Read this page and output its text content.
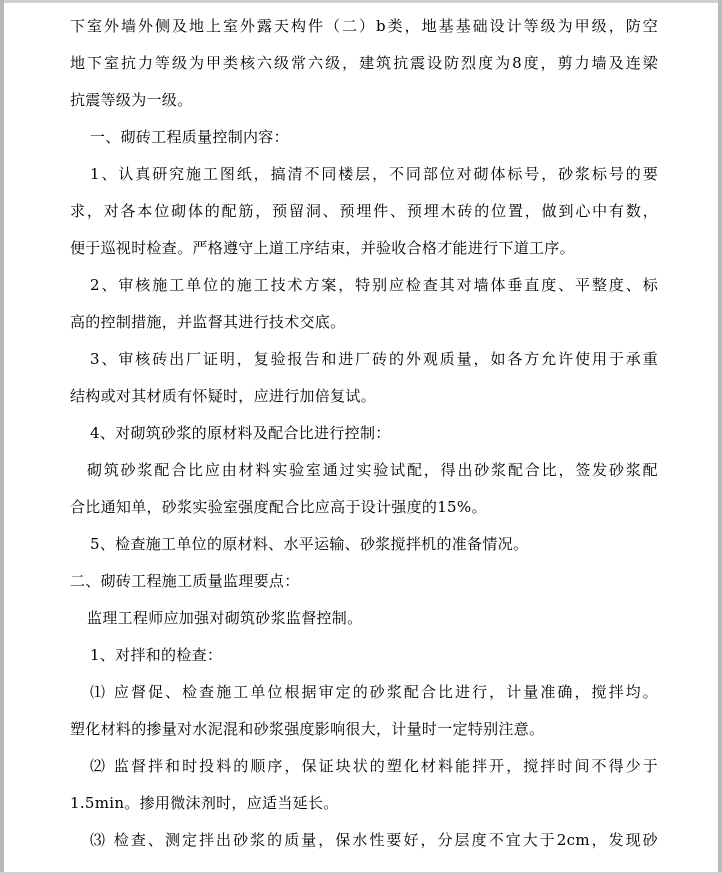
下室外墙外侧及地上室外露天构件（二）b类，地基基础设计等级为甲级，防空
地下室抗力等级为甲类核六级常六级，建筑抗震设防烈度为8度，剪力墙及连梁
抗震等级为一级。
一、砌砖工程质量控制内容：
1、认真研究施工图纸，搞清不同楼层，不同部位对砌体标号，砂浆标号的要
求，对各本位砌体的配筋，预留洞、预埋件、预埋木砖的位置，做到心中有数，
便于巡视时检查。严格遵守上道工序结束，并验收合格才能进行下道工序。
2、审核施工单位的施工技术方案，特别应检查其对墙体垂直度、平整度、标
高的控制措施，并监督其进行技术交底。
3、审核砖出厂证明，复验报告和进厂砖的外观质量，如各方允许使用于承重
结构或对其材质有怀疑时，应进行加倍复试。
4、对砌筑砂浆的原材料及配合比进行控制：
砌筑砂浆配合比应由材料实验室通过实验试配，得出砂浆配合比，签发砂浆配
合比通知单，砂浆实验室强度配合比应高于设计强度的15%。
5、检查施工单位的原材料、水平运输、砂浆搅拌机的准备情况。
二、砌砖工程施工质量监理要点：
监理工程师应加强对砌筑砂浆监督控制。
1、对拌和的检查：
⑴ 应督促、检查施工单位根据审定的砂浆配合比进行，计量准确，搅拌均。
塑化材料的掺量对水泥混和砂浆强度影响很大，计量时一定特别注意。
⑵ 监督拌和时投料的顺序，保证块状的塑化材料能拌开，搅拌时间不得少于
1.5min。掺用微沫剂时，应适当延长。
⑶ 检查、测定拌出砂浆的质量，保水性要好，分层度不宜大于2cm，发现砂
